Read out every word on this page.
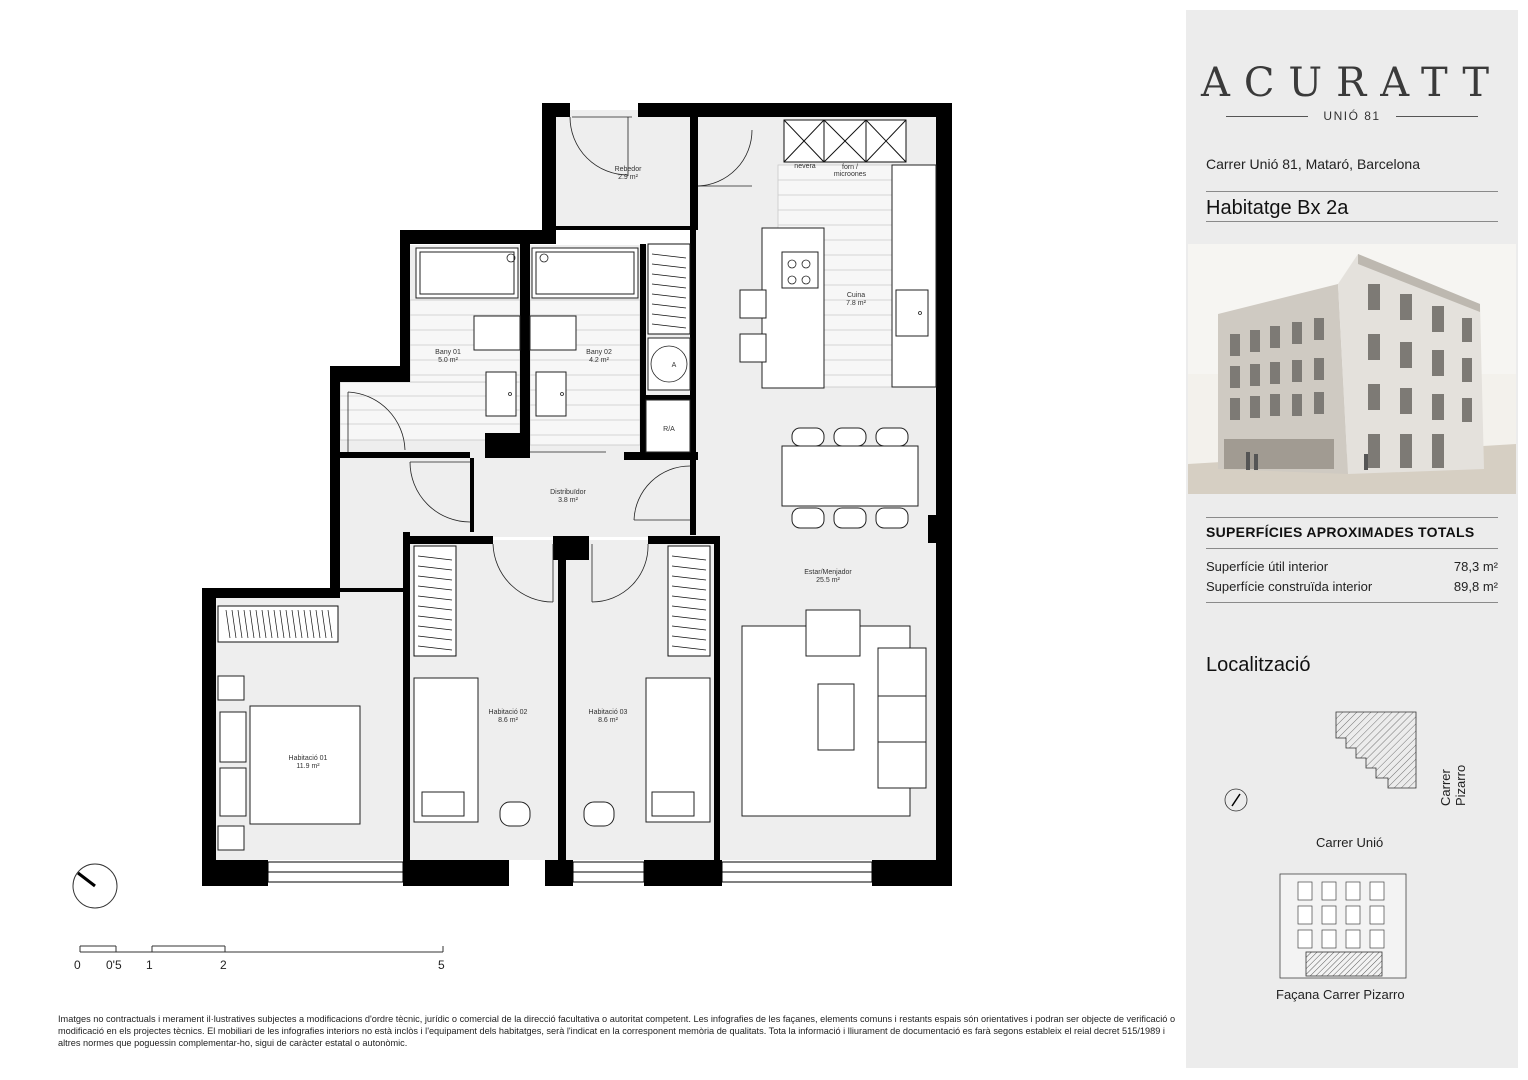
Rebedor
2.9 m²
Cuina
7.8 m²
Bany 01
5.0 m²
Bany 02
4.2 m²
R/A
Distribuïdor
3.8 m²
Estar/Menjador
25.5 m²
Habitació 01
11.9 m²
Habitació 02
8.6 m²
Habitació 03
8.6 m²
nevera	forn /
microones
A
0 0'5 1	2	5
Imatges no contractuals i merament il·lustratives subjectes a modificacions d'ordre tècnic, jurídic o comercial de la direcció facultativa o autoritat competent. Les infografies de les façanes, elements comuns i restants espais són orientatives i podran ser objecte de verificació o modificació en els projectes tècnics. El mobiliari de les infografies interiors no està inclòs i l'equipament dels habitatges, serà l'indicat en la corresponent memòria de qualitats. Tota la informació i lliurament de documentació es farà segons estableix el reial decret 515/1989 i altres normes que poguessin complementar-ho, sigui de caràcter estatal o autonòmic.
ACURATT
UNIÓ 81
Carrer Unió 81, Mataró, Barcelona
Habitatge Bx 2a
SUPERFÍCIES APROXIMADES TOTALS
Superfície útil interior	78,3 m²
Superfície construïda interior	89,8 m²
Localització
Carrer Pizarro
Carrer Unió
Façana Carrer Pizarro
